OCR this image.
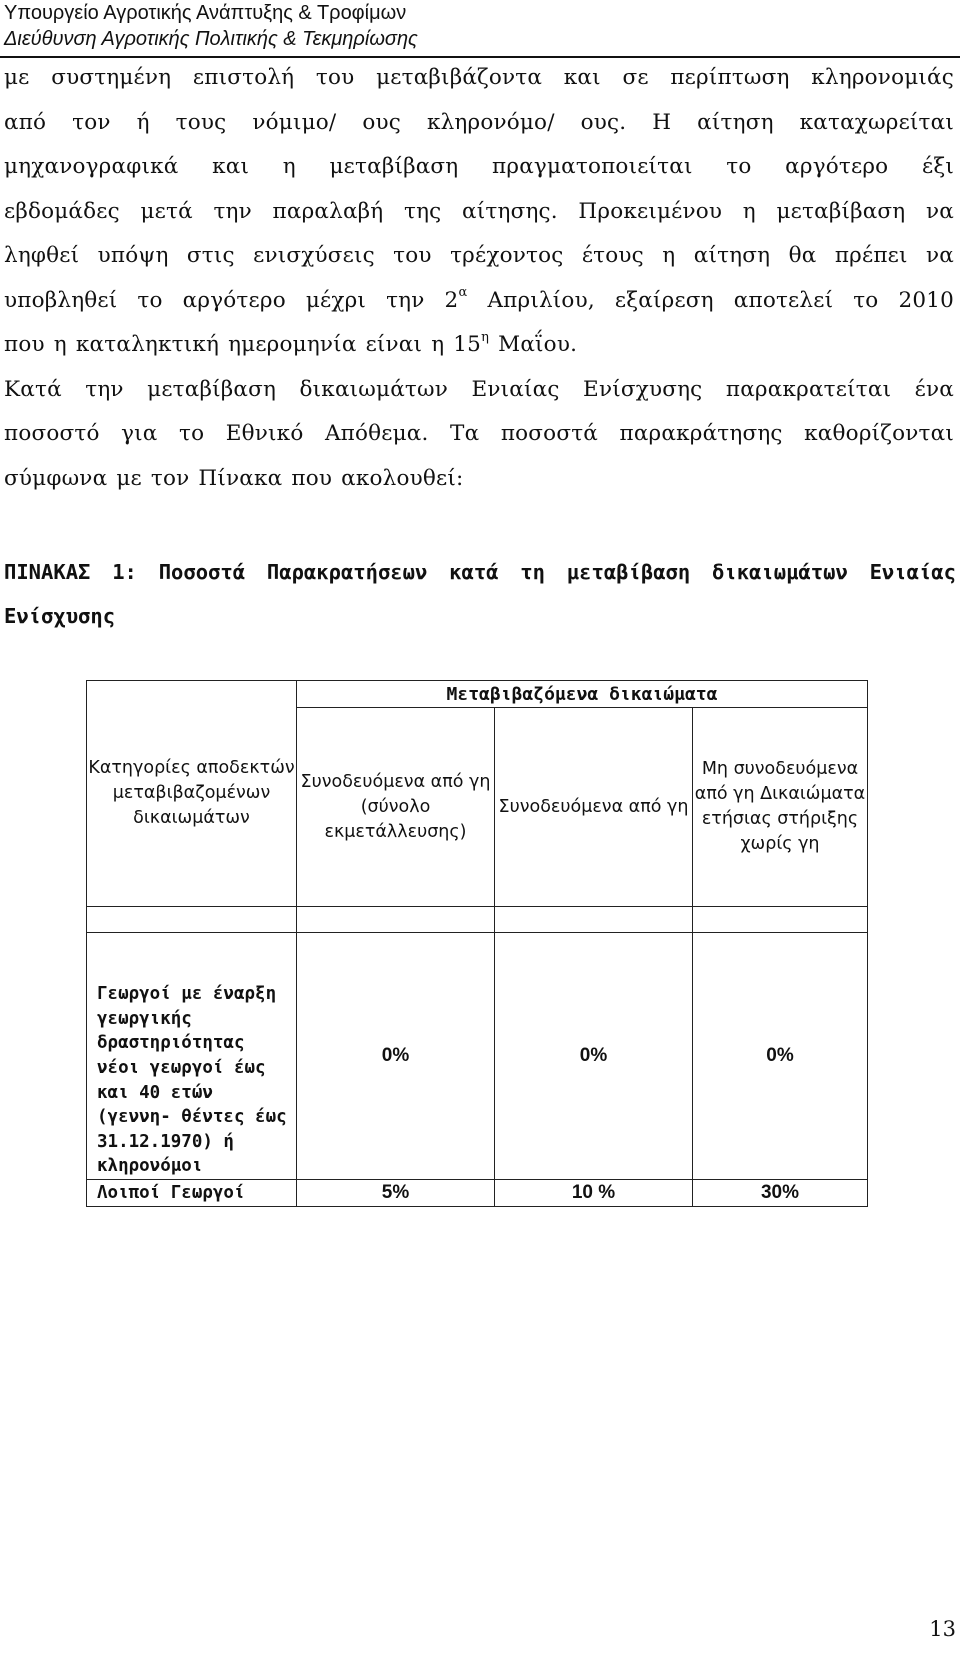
Υπουργείο Αγροτικής Ανάπτυξης & Τροφίμων
Διεύθυνση Αγροτικής Πολιτικής & Τεκμηρίωσης

με συστημένη επιστολή του μεταβιβάζοντα και σε περίπτωση κληρονομιάς

από τον ή τους νόμιμο/ ους κληρονόμο/ ους. Η αίτηση καταχωρείται

μηχανογραφικά και η μεταβίβαση πραγματοποιείται το αργότερο έξι

εβδομάδες μετά την παραλαβή της αίτησης. Προκειμένου η μεταβίβαση να

ληφθεί υπόψη στις ενισχύσεις του τρέχοντος έτους η αίτηση θα πρέπει να

υποβληθεί το αργότερο μέχρι την $2^\alpha$ Απριλίου, εξαίρεση αποτελεί το 2010

που η καταληκτική ημερομηνία είναι η $15^\eta$ Μαΐου.

Κατά την μεταβίβαση δικαιωμάτων Ενιαίας Ενίσχυσης παρακρατείται ένα

ποσοστό για το Εθνικό Απόθεμα. Τα ποσοστά παρακράτησης καθορίζονται

σύμφωνα με τον Πίνακα που ακολουθεί:

ΠΙΝΑΚΑΣ 1: Ποσοστά Παρακρατήσεων κατά τη μεταβίβαση δικαιωμάτων Ενιαίας Ενίσχυσης
Κατηγορίες αποδεκτών μεταβιβαζομένων δικαιωμάτων	Μεταβιβαζόμενα δικαιώματα		
	Συνοδευόμενα από γη (σύνολο εκμετάλλευσης)	Συνοδευόμενα από γη	Μη συνοδευόμενα από γη Δικαιώματα ετήσιας στήριξης χωρίς γη

Γεωργοί με έναρξη γεωργικής δραστηριότητας νέοι γεωργοί έως και 40 ετών (γεννη- θέντες έως 31.12.1970) ή κληρονόμοι	0%	0%	0%
Λοιποί Γεωργοί	5%	10 %	30%
13
